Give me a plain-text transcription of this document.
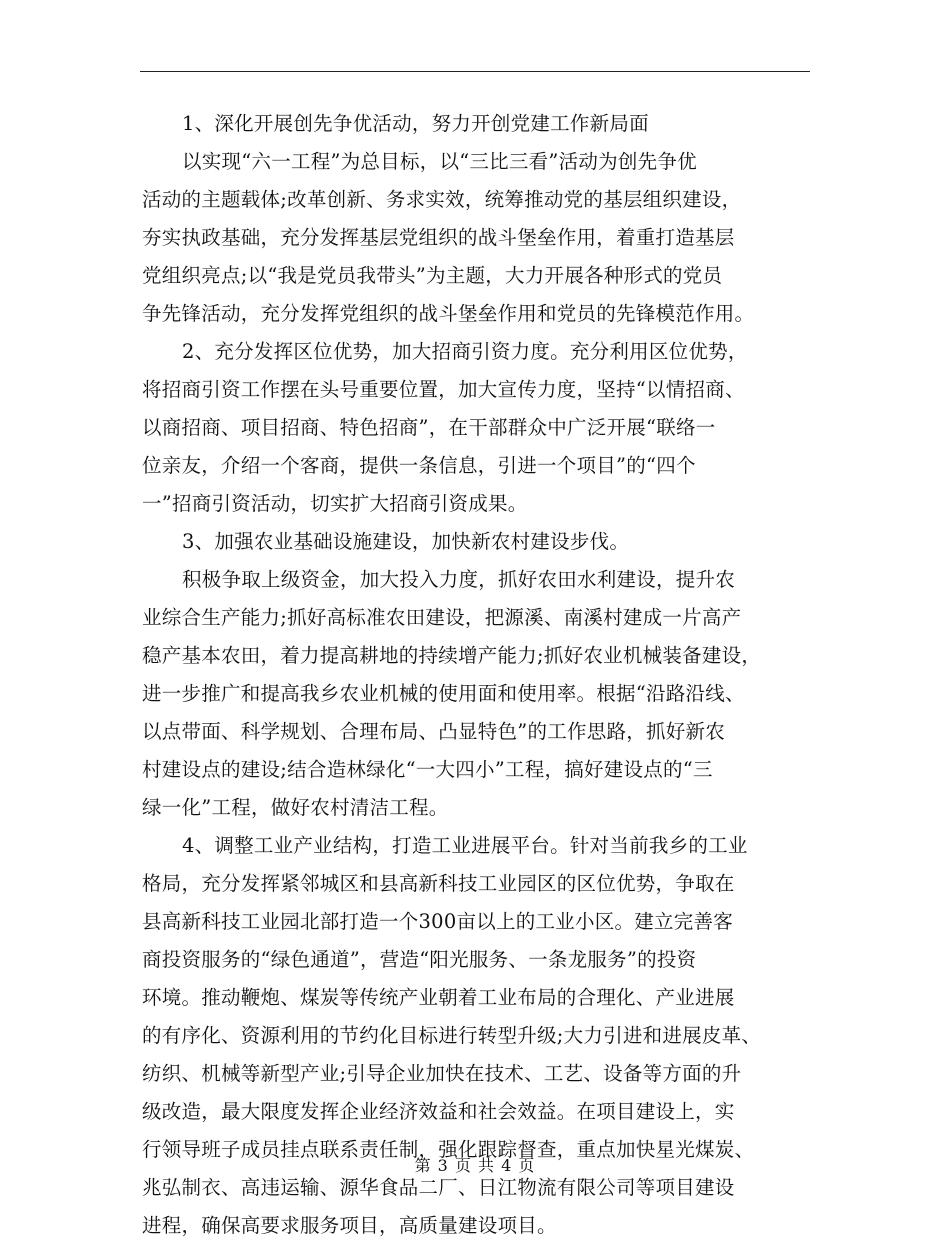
1、深化开展创先争优活动，努力开创党建工作新局面
以实现“六一工程”为总目标，以“三比三看”活动为创先争优
活动的主题载体;改革创新、务求实效，统筹推动党的基层组织建设，
夯实执政基础，充分发挥基层党组织的战斗堡垒作用，着重打造基层
党组织亮点;以“我是党员我带头”为主题，大力开展各种形式的党员
争先锋活动，充分发挥党组织的战斗堡垒作用和党员的先锋模范作用。
2、充分发挥区位优势，加大招商引资力度。充分利用区位优势，
将招商引资工作摆在头号重要位置，加大宣传力度，坚持“以情招商、
以商招商、项目招商、特色招商”，在干部群众中广泛开展“联络一
位亲友，介绍一个客商，提供一条信息，引进一个项目”的“四个
一”招商引资活动，切实扩大招商引资成果。
3、加强农业基础设施建设，加快新农村建设步伐。
积极争取上级资金，加大投入力度，抓好农田水利建设，提升农
业综合生产能力;抓好高标准农田建设，把源溪、南溪村建成一片高产
稳产基本农田，着力提高耕地的持续增产能力;抓好农业机械装备建设，
进一步推广和提高我乡农业机械的使用面和使用率。根据“沿路沿线、
以点带面、科学规划、合理布局、凸显特色”的工作思路，抓好新农
村建设点的建设;结合造林绿化“一大四小”工程，搞好建设点的“三
绿一化”工程，做好农村清洁工程。
4、调整工业产业结构，打造工业进展平台。针对当前我乡的工业
格局，充分发挥紧邻城区和县高新科技工业园区的区位优势，争取在
县高新科技工业园北部打造一个300亩以上的工业小区。建立完善客
商投资服务的“绿色通道”，营造“阳光服务、一条龙服务”的投资
环境。推动鞭炮、煤炭等传统产业朝着工业布局的合理化、产业进展
的有序化、资源利用的节约化目标进行转型升级;大力引进和进展皮革、
纺织、机械等新型产业;引导企业加快在技术、工艺、设备等方面的升
级改造，最大限度发挥企业经济效益和社会效益。在项目建设上，实
行领导班子成员挂点联系责任制，强化跟踪督查，重点加快星光煤炭、
兆弘制衣、高违运输、源华食品二厂、日江物流有限公司等项目建设
进程，确保高要求服务项目，高质量建设项目。
第 3 页 共 4 页
